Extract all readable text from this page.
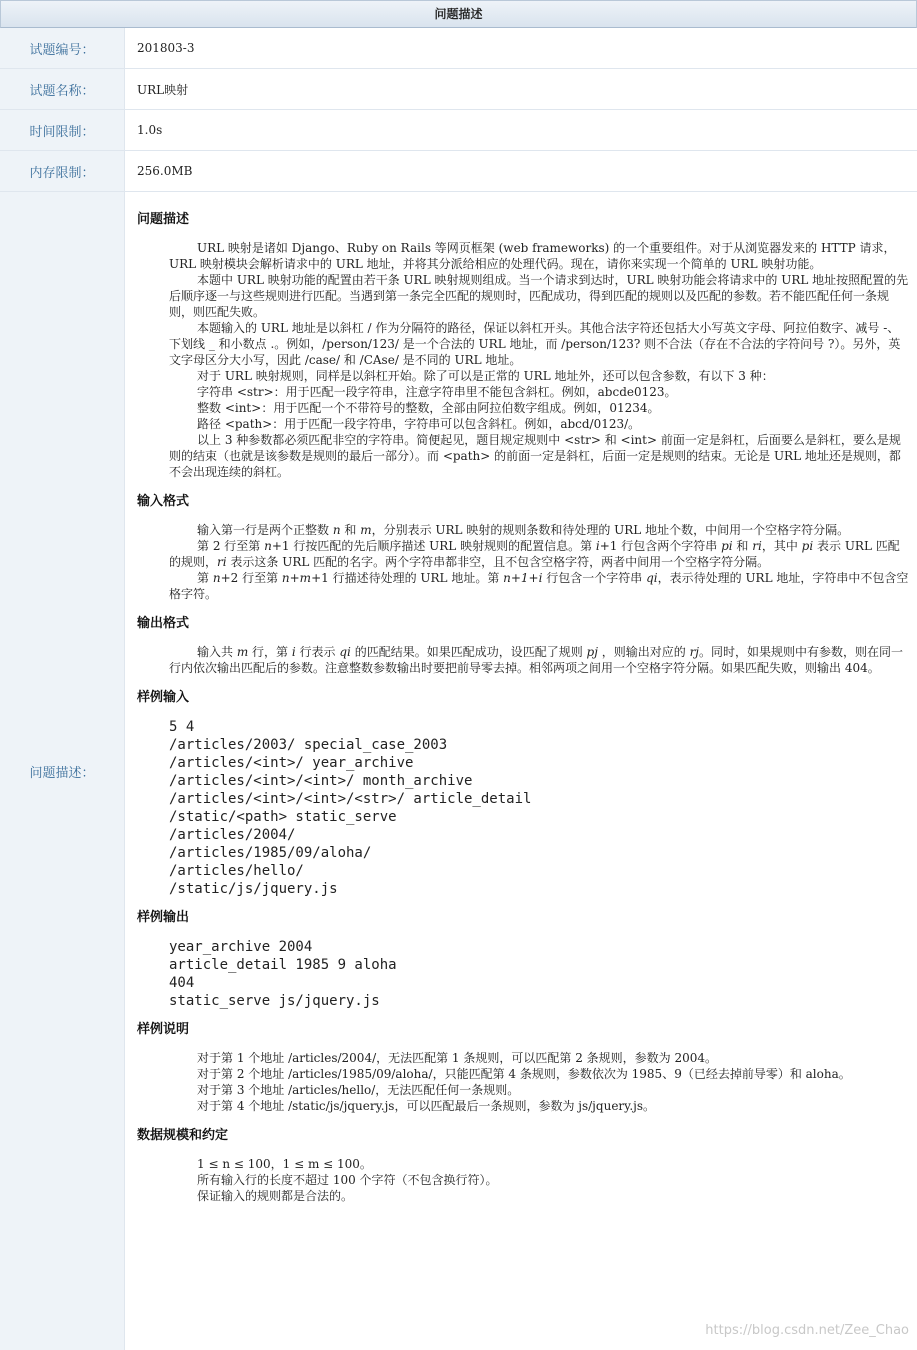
问题描述
试题编号：	201803-3
试题名称：	URL映射
时间限制：	1.0s
内存限制：	256.0MB
问题描述：
问题描述

URL 映射是诸如 Django、Ruby on Rails 等网页框架 (web frameworks) 的一个重要组件。对于从浏览器发来的 HTTP 请求，URL 映射模块会解析请求中的 URL 地址，并将其分派给相应的处理代码。现在，请你来实现一个简单的 URL 映射功能。

本题中 URL 映射功能的配置由若干条 URL 映射规则组成。当一个请求到达时，URL 映射功能会将请求中的 URL 地址按照配置的先后顺序逐一与这些规则进行匹配。当遇到第一条完全匹配的规则时，匹配成功，得到匹配的规则以及匹配的参数。若不能匹配任何一条规则，则匹配失败。

本题输入的 URL 地址是以斜杠 / 作为分隔符的路径，保证以斜杠开头。其他合法字符还包括大小写英文字母、阿拉伯数字、减号 -、下划线 _ 和小数点 .。例如，/person/123/ 是一个合法的 URL 地址，而 /person/123? 则不合法（存在不合法的字符问号 ?）。另外，英文字母区分大小写，因此 /case/ 和 /CAse/ 是不同的 URL 地址。

对于 URL 映射规则，同样是以斜杠开始。除了可以是正常的 URL 地址外，还可以包含参数，有以下 3 种：

字符串 <str>：用于匹配一段字符串，注意字符串里不能包含斜杠。例如，abcde0123。

整数 <int>：用于匹配一个不带符号的整数，全部由阿拉伯数字组成。例如，01234。

路径 <path>：用于匹配一段字符串，字符串可以包含斜杠。例如，abcd/0123/。

以上 3 种参数都必须匹配非空的字符串。简便起见，题目规定规则中 <str> 和 <int> 前面一定是斜杠，后面要么是斜杠，要么是规则的结束（也就是该参数是规则的最后一部分）。而 <path> 的前面一定是斜杠，后面一定是规则的结束。无论是 URL 地址还是规则，都不会出现连续的斜杠。

输入格式

输入第一行是两个正整数 n 和 m，分别表示 URL 映射的规则条数和待处理的 URL 地址个数，中间用一个空格字符分隔。

第 2 行至第 n+1 行按匹配的先后顺序描述 URL 映射规则的配置信息。第 i+1 行包含两个字符串 pi 和 ri，其中 pi 表示 URL 匹配的规则，ri 表示这条 URL 匹配的名字。两个字符串都非空，且不包含空格字符，两者中间用一个空格字符分隔。

第 n+2 行至第 n+m+1 行描述待处理的 URL 地址。第 n+1+i 行包含一个字符串 qi，表示待处理的 URL 地址，字符串中不包含空格字符。

输出格式

输入共 m 行，第 i 行表示 qi 的匹配结果。如果匹配成功，设匹配了规则 pj ，则输出对应的 rj。同时，如果规则中有参数，则在同一行内依次输出匹配后的参数。注意整数参数输出时要把前导零去掉。相邻两项之间用一个空格字符分隔。如果匹配失败，则输出 404。

样例输入
5 4
/articles/2003/ special_case_2003
/articles/<int>/ year_archive
/articles/<int>/<int>/ month_archive
/articles/<int>/<int>/<str>/ article_detail
/static/<path> static_serve
/articles/2004/
/articles/1985/09/aloha/
/articles/hello/
/static/js/jquery.js
样例输出
year_archive 2004
article_detail 1985 9 aloha
404
static_serve js/jquery.js
样例说明

对于第 1 个地址 /articles/2004/，无法匹配第 1 条规则，可以匹配第 2 条规则，参数为 2004。

对于第 2 个地址 /articles/1985/09/aloha/，只能匹配第 4 条规则，参数依次为 1985、9（已经去掉前导零）和 aloha。

对于第 3 个地址 /articles/hello/，无法匹配任何一条规则。

对于第 4 个地址 /static/js/jquery.js，可以匹配最后一条规则，参数为 js/jquery.js。

数据规模和约定

1 ≤ n ≤ 100，1 ≤ m ≤ 100。

所有输入行的长度不超过 100 个字符（不包含换行符）。

保证输入的规则都是合法的。

https://blog.csdn.net/Zee_Chao
